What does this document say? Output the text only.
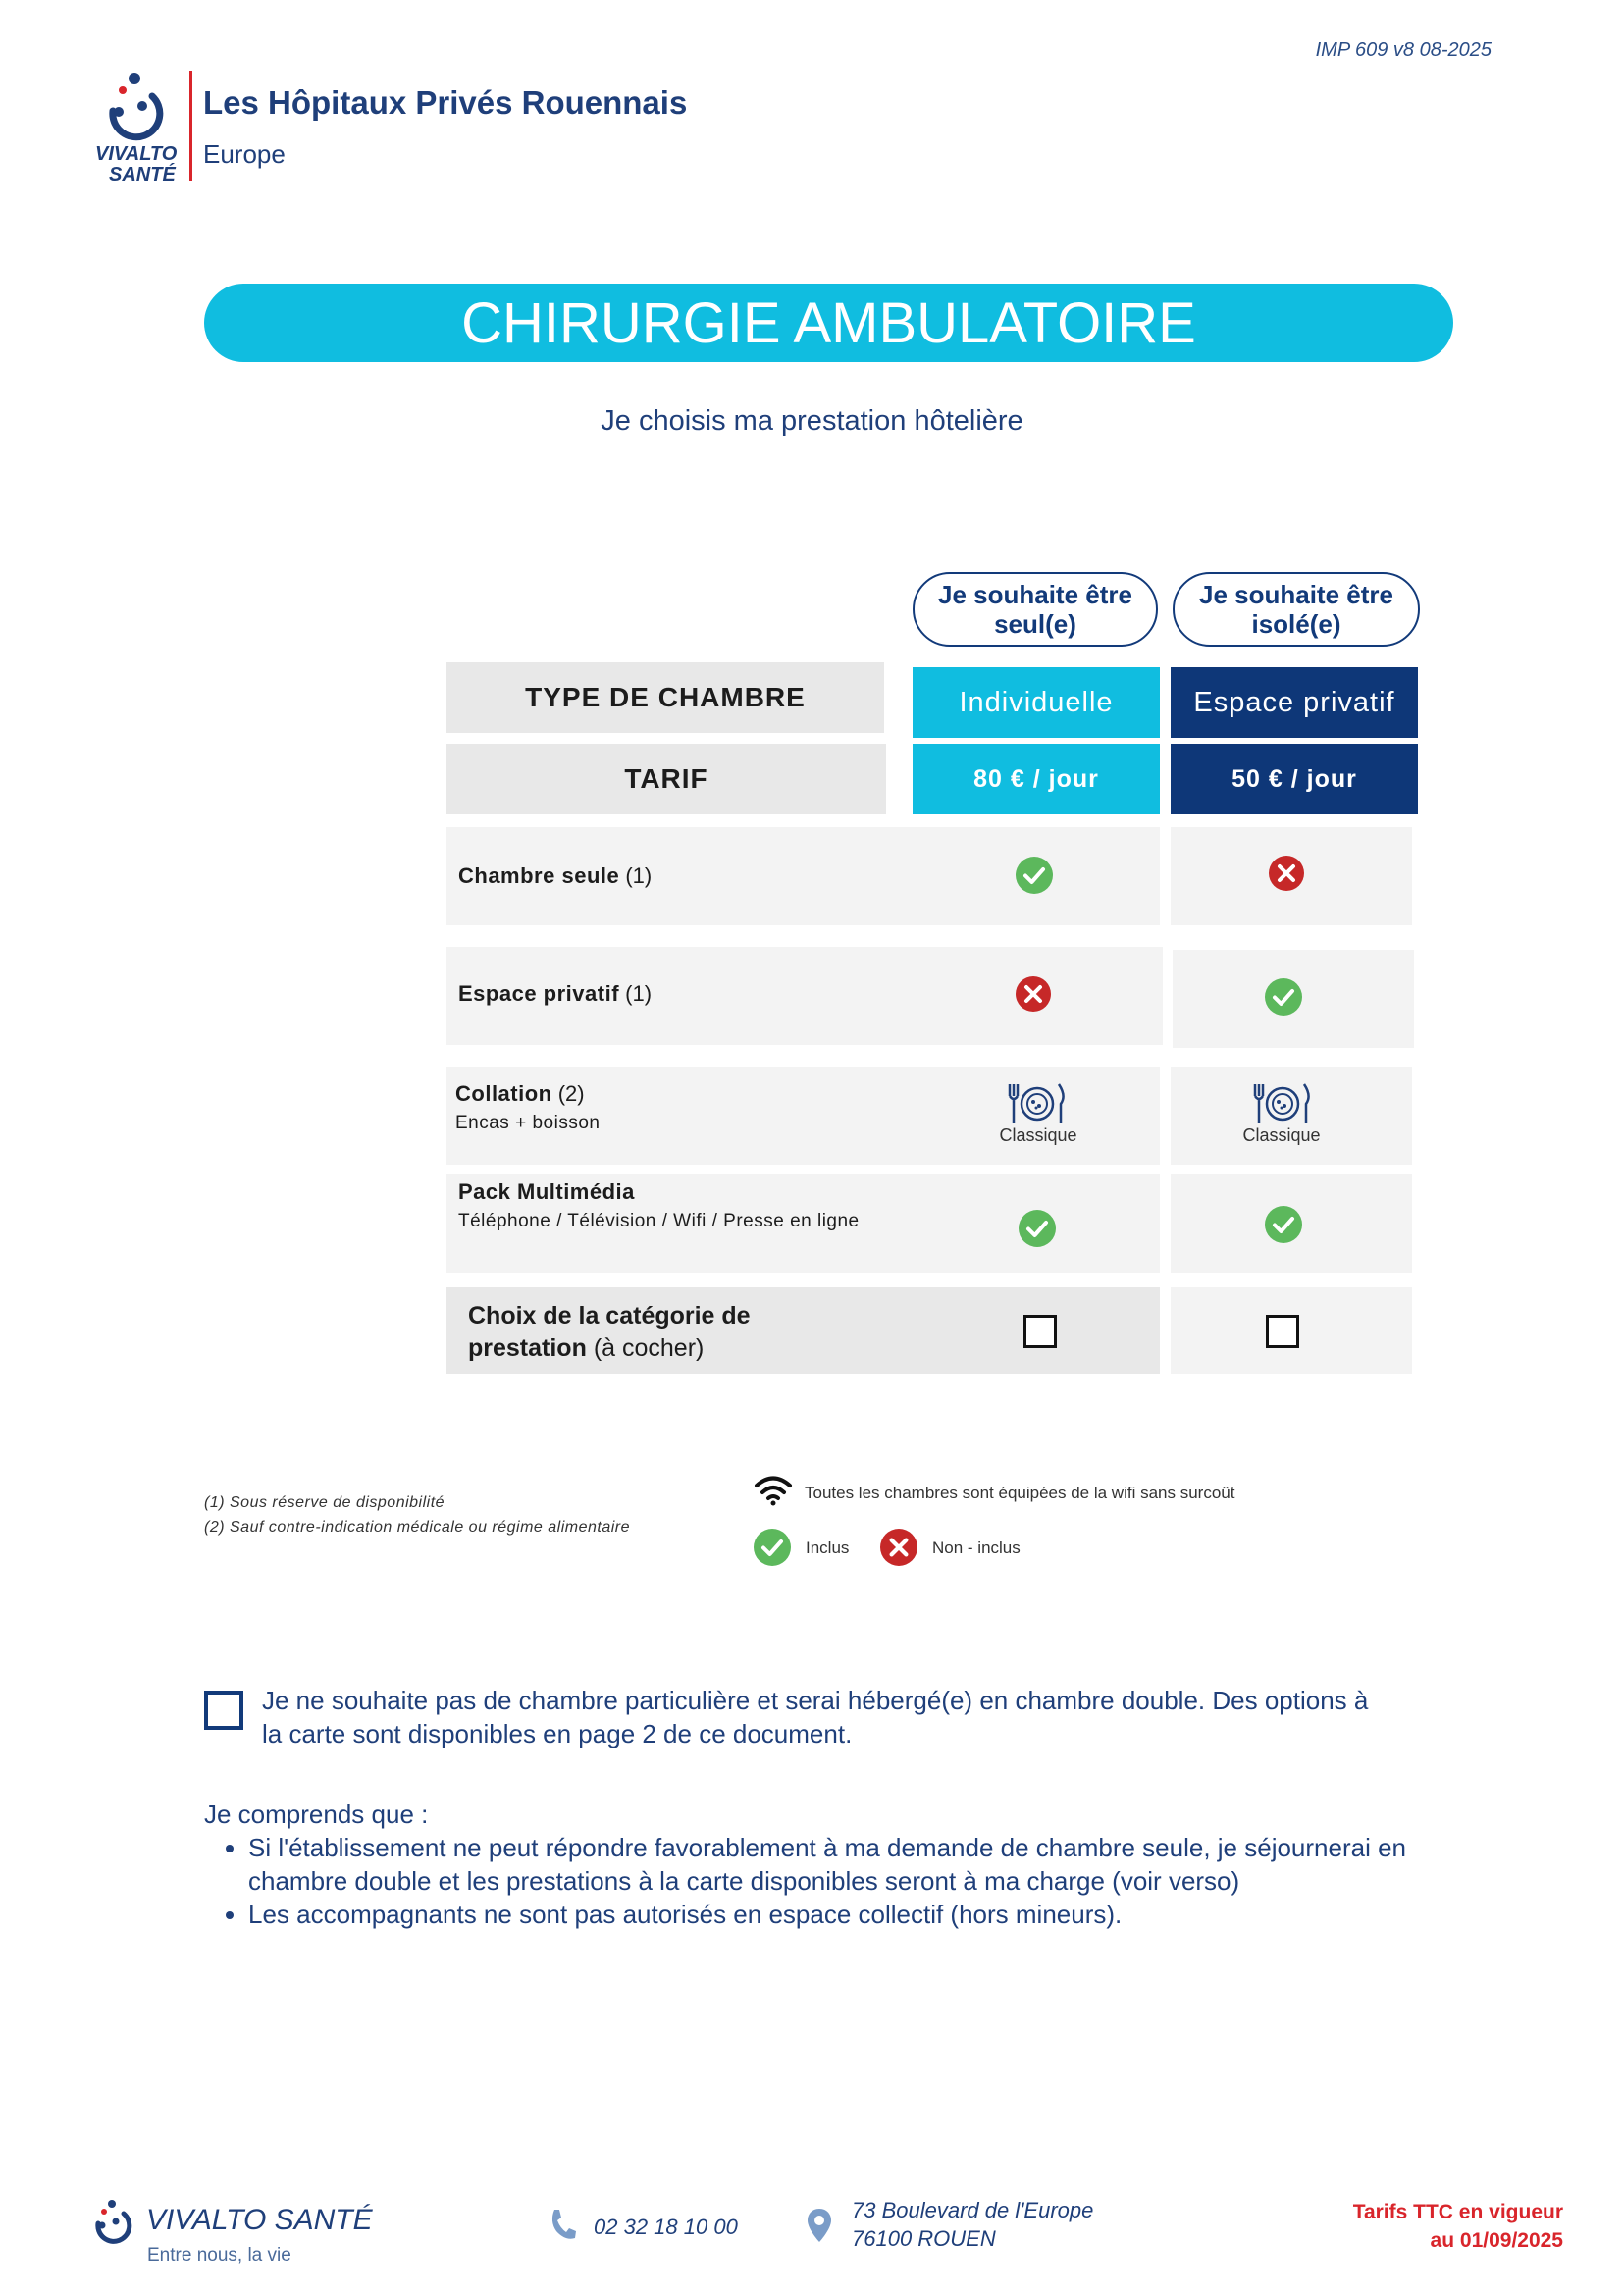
IMP 609 v8 08-2025
VIVALTO
SANTÉ
Les Hôpitaux Privés Rouennais
Europe
CHIRURGIE AMBULATOIRE
Je choisis ma prestation hôtelière
Je souhaite être seul(e)
Je souhaite être isolé(e)
TYPE DE CHAMBRE	Individuelle	Espace privatif
TARIF	80 € / jour	50 € / jour
Chambre seule (1)
Espace privatif (1)
Collation (2)
Encas + boisson
Classique	Classique
Pack Multimédia
Téléphone / Télévision / Wifi / Presse en ligne
Choix de la catégorie de prestation (à cocher)
(1) Sous réserve de disponibilité
(2) Sauf contre-indication médicale ou régime alimentaire
Toutes les chambres sont équipées de la wifi sans surcoût
Inclus	Non - inclus
Je ne souhaite pas de chambre particulière et serai hébergé(e) en chambre double. Des options à la carte sont disponibles en page 2 de ce document.
Je comprends que :
• Si l'établissement ne peut répondre favorablement à ma demande de chambre seule, je séjournerai en chambre double et les prestations à la carte disponibles seront à ma charge (voir verso)
• Les accompagnants ne sont pas autorisés en espace collectif (hors mineurs).
VIVALTO SANTÉ
Entre nous, la vie
02 32 18 10 00
73 Boulevard de l'Europe
76100 ROUEN
Tarifs TTC en vigueur
au 01/09/2025
